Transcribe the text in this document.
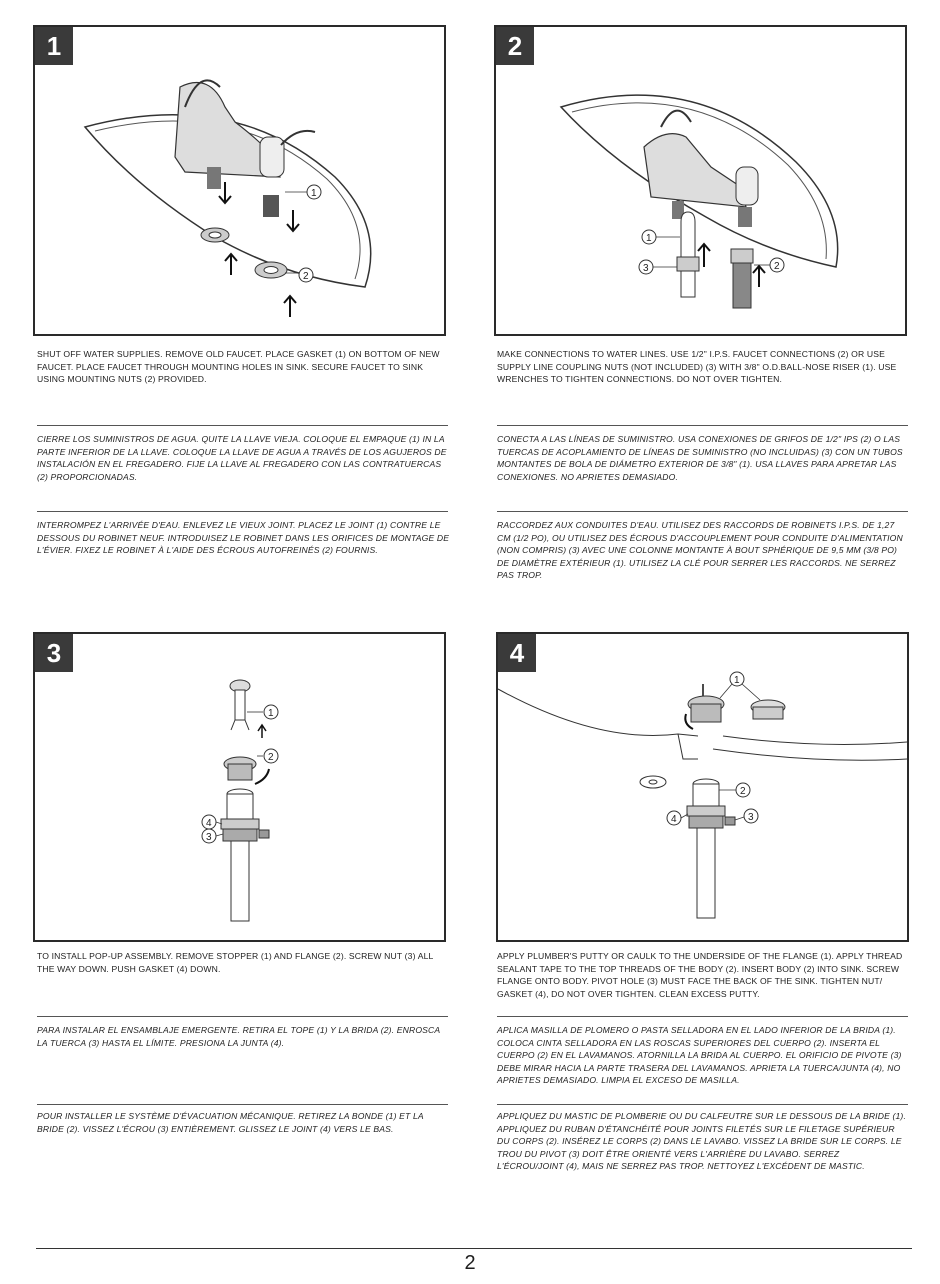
1
1
2
SHUT OFF WATER SUPPLIES. REMOVE OLD FAUCET. PLACE GASKET (1) ON BOTTOM OF NEW FAUCET. PLACE FAUCET THROUGH MOUNTING HOLES IN SINK. SECURE FAUCET TO SINK USING MOUNTING NUTS (2) PROVIDED.
CIERRE LOS SUMINISTROS DE AGUA. QUITE LA LLAVE VIEJA. COLOQUE EL EMPAQUE (1) IN LA PARTE INFERIOR DE LA LLAVE. COLOQUE LA LLAVE DE AGUA A TRAVÉS DE LOS AGUJEROS DE INSTALACIÓN EN EL FREGADERO. FIJE LA LLAVE AL FREGADERO CON LAS CONTRATUERCAS (2) PROPORCIONADAS.
INTERROMPEZ L'ARRIVÉE D'EAU. ENLEVEZ LE VIEUX JOINT. PLACEZ LE JOINT (1) CONTRE LE DESSOUS DU ROBINET NEUF. INTRODUISEZ LE ROBINET DANS LES ORIFICES DE MONTAGE DE L'ÉVIER. FIXEZ LE ROBINET À L'AIDE DES ÉCROUS AUTOFREINÉS (2) FOURNIS.
2
1
2
3
MAKE CONNECTIONS TO WATER LINES. USE 1/2" I.P.S. FAUCET CONNECTIONS (2) OR USE SUPPLY LINE COUPLING NUTS (NOT INCLUDED) (3) WITH 3/8" O.D.BALL-NOSE RISER (1). USE WRENCHES TO TIGHTEN CONNECTIONS. DO NOT OVER TIGHTEN.
CONECTA A LAS LÍNEAS DE SUMINISTRO. USA CONEXIONES DE GRIFOS DE 1/2" IPS (2) O LAS TUERCAS DE ACOPLAMIENTO DE LÍNEAS DE SUMINISTRO (NO INCLUIDAS) (3) CON UN TUBOS MONTANTES DE BOLA DE DIÁMETRO EXTERIOR DE 3/8" (1). USA LLAVES PARA APRETAR LAS CONEXIONES. NO APRIETES DEMASIADO.
RACCORDEZ AUX CONDUITES D'EAU. UTILISEZ DES RACCORDS DE ROBINETS I.P.S. DE 1,27 CM (1/2 PO), OU UTILISEZ DES ÉCROUS D'ACCOUPLEMENT POUR CONDUITE D'ALIMENTATION (NON COMPRIS) (3) AVEC UNE COLONNE MONTANTE À BOUT SPHÉRIQUE DE 9,5 MM (3/8 PO) DE DIAMÈTRE EXTÉRIEUR (1). UTILISEZ LA CLÉ POUR SERRER LES RACCORDS. NE SERREZ PAS TROP.
3
1
2
3
4
TO INSTALL POP-UP ASSEMBLY. REMOVE STOPPER (1) AND FLANGE (2). SCREW NUT (3) ALL THE WAY DOWN. PUSH GASKET (4) DOWN.
PARA INSTALAR EL ENSAMBLAJE EMERGENTE. RETIRA EL TOPE (1) Y LA BRIDA (2). ENROSCA LA TUERCA (3) HASTA EL LÍMITE. PRESIONA LA JUNTA (4).
POUR INSTALLER LE SYSTÈME D'ÉVACUATION MÉCANIQUE. RETIREZ LA BONDE (1) ET LA BRIDE (2). VISSEZ L'ÉCROU (3) ENTIÈREMENT. GLISSEZ LE JOINT (4) VERS LE BAS.
4
1
2
3
4
APPLY PLUMBER'S PUTTY OR CAULK TO THE UNDERSIDE OF THE FLANGE (1). APPLY THREAD SEALANT TAPE TO THE TOP THREADS OF THE BODY (2). INSERT BODY (2) INTO SINK. SCREW FLANGE ONTO BODY. PIVOT HOLE (3) MUST FACE THE BACK OF THE SINK. TIGHTEN NUT/ GASKET (4), DO NOT OVER TIGHTEN. CLEAN EXCESS PUTTY.
APLICA MASILLA DE PLOMERO O PASTA SELLADORA EN EL LADO INFERIOR DE LA BRIDA (1). COLOCA CINTA SELLADORA EN LAS ROSCAS SUPERIORES DEL CUERPO (2). INSERTA EL CUERPO (2) EN EL LAVAMANOS. ATORNILLA LA BRIDA AL CUERPO. EL ORIFICIO DE PIVOTE (3) DEBE MIRAR HACIA LA PARTE TRASERA DEL LAVAMANOS. APRIETA LA TUERCA/JUNTA (4), NO APRIETES DEMASIADO. LIMPIA EL EXCESO DE MASILLA.
APPLIQUEZ DU MASTIC DE PLOMBERIE OU DU CALFEUTRE SUR LE DESSOUS DE LA BRIDE (1). APPLIQUEZ DU RUBAN D'ÉTANCHÉITÉ POUR JOINTS FILETÉS SUR LE FILETAGE SUPÉRIEUR DU CORPS (2). INSÉREZ LE CORPS (2) DANS LE LAVABO. VISSEZ LA BRIDE SUR LE CORPS. LE TROU DU PIVOT (3) DOIT ÊTRE ORIENTÉ VERS L'ARRIÈRE DU LAVABO. SERREZ L'ÉCROU/JOINT (4), MAIS NE SERREZ PAS TROP. NETTOYEZ L'EXCÉDENT DE MASTIC.
2
